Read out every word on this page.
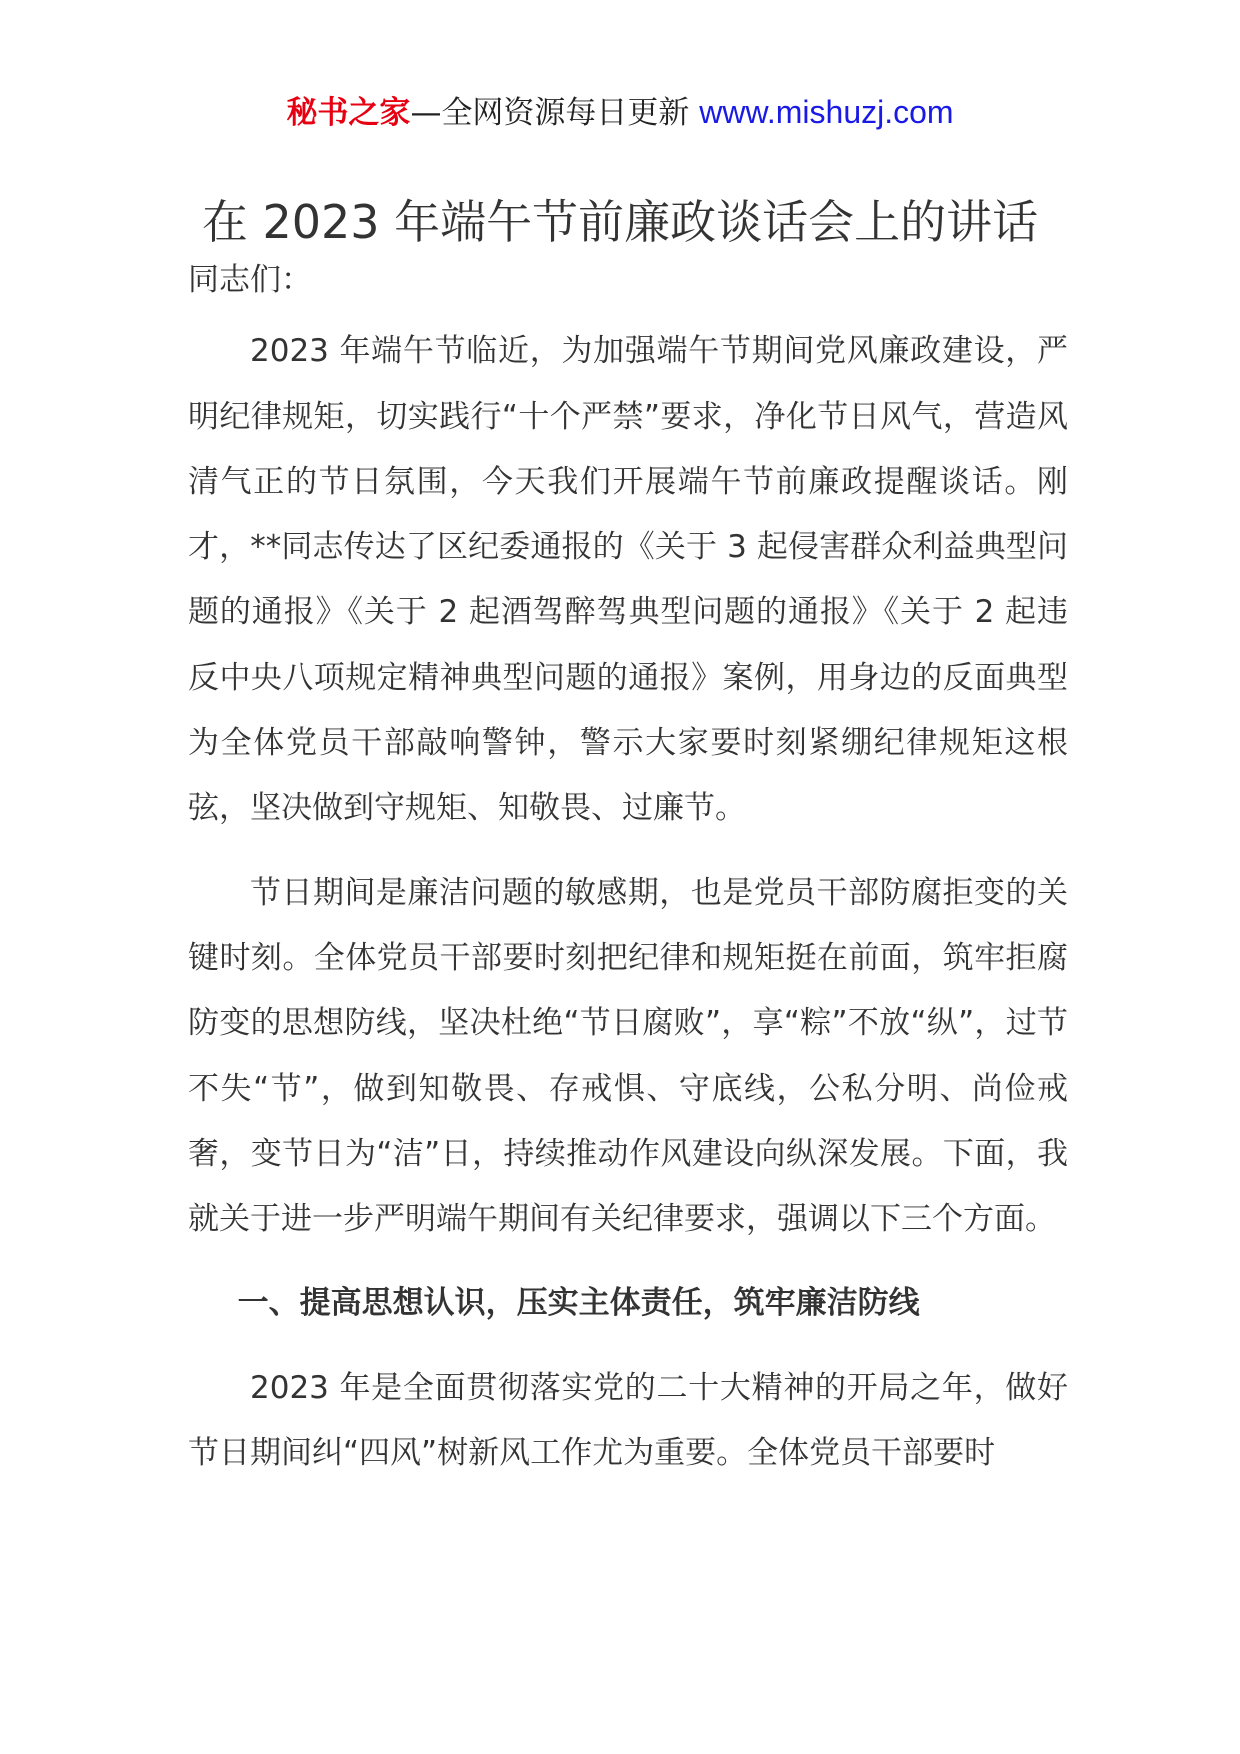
秘书之家—全网资源每日更新 www.mishuzj.com
在 2023 年端午节前廉政谈话会上的讲话

同志们：

2023 年端午节临近，为加强端午节期间党风廉政建设，严明纪律规矩，切实践行“十个严禁”要求，净化节日风气，营造风清气正的节日氛围，今天我们开展端午节前廉政提醒谈话。刚才，**同志传达了区纪委通报的《关于 3 起侵害群众利益典型问题的通报》《关于 2 起酒驾醉驾典型问题的通报》《关于 2 起违反中央八项规定精神典型问题的通报》案例，用身边的反面典型为全体党员干部敲响警钟，警示大家要时刻紧绷纪律规矩这根弦，坚决做到守规矩、知敬畏、过廉节。

节日期间是廉洁问题的敏感期，也是党员干部防腐拒变的关键时刻。全体党员干部要时刻把纪律和规矩挺在前面，筑牢拒腐防变的思想防线，坚决杜绝“节日腐败”，享“粽”不放“纵”，过节不失“节”，做到知敬畏、存戒惧、守底线，公私分明、尚俭戒奢，变节日为“洁”日，持续推动作风建设向纵深发展。下面，我就关于进一步严明端午期间有关纪律要求，强调以下三个方面。

一、提高思想认识，压实主体责任，筑牢廉洁防线

2023 年是全面贯彻落实党的二十大精神的开局之年，做好节日期间纠“四风”树新风工作尤为重要。全体党员干部要时
